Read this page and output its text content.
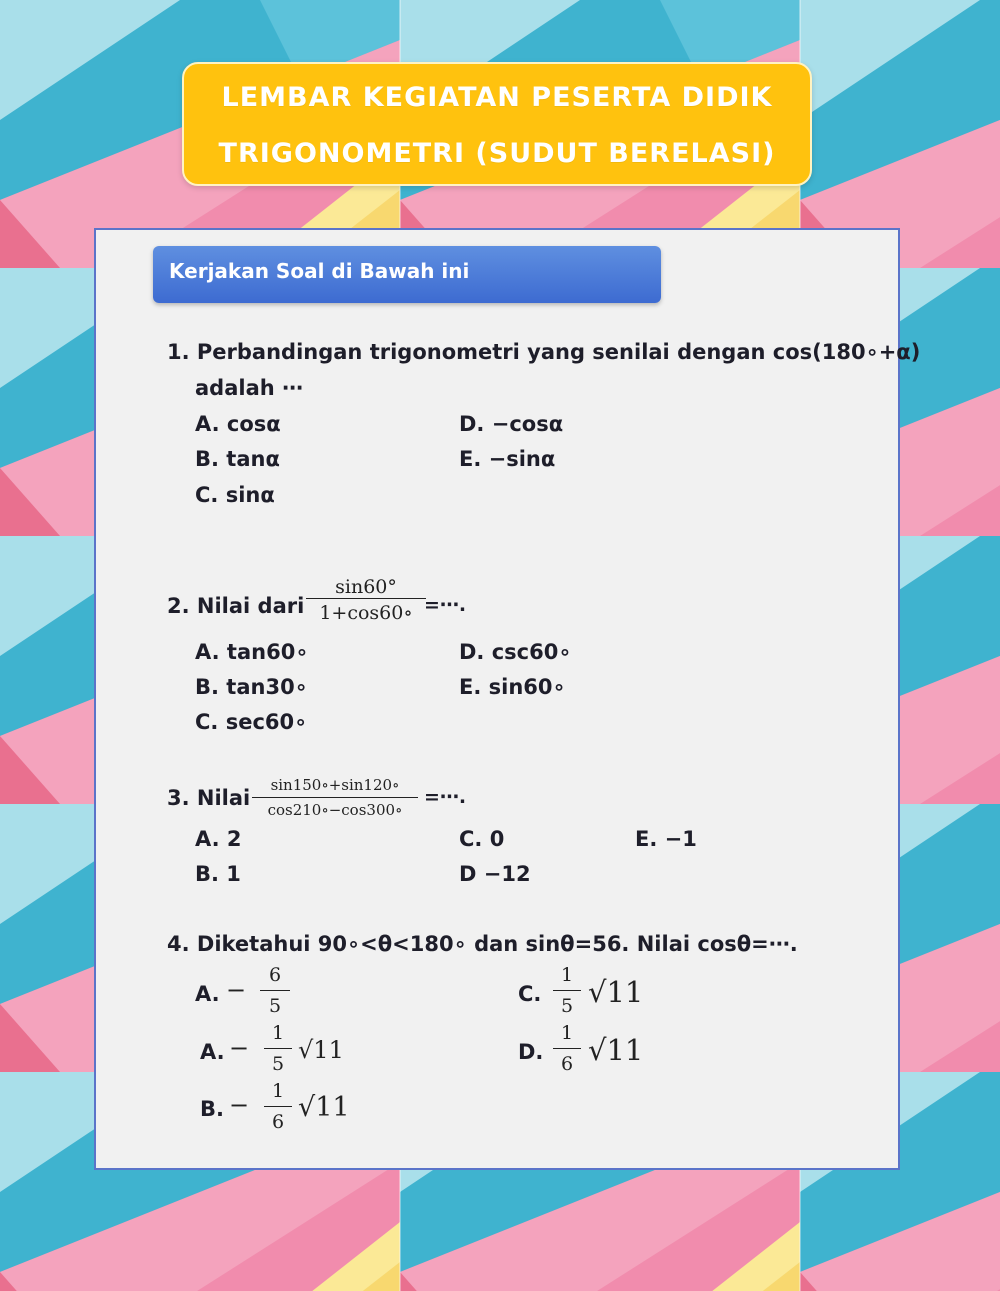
LEMBAR KEGIATAN PESERTA DIDIK
TRIGONOMETRI (SUDUT BERELASI)
Kerjakan Soal di Bawah ini
1. Perbandingan trigonometri yang senilai dengan cos(180∘+α)
adalah ⋯
A. cosα
B. tanα
C. sinα
D. −cosα
E. −sinα
2. Nilai dari
sin60°
1+cos60∘ =⋯.
A. tan60∘
B. tan30∘
C. sec60∘
D. csc60∘
E. sin60∘
3. Nilai
sin150∘+sin120∘
cos210∘−cos300∘
=⋯.
A. 2
B. 1
C. 0
D −12
E. −1
4. Diketahui 90∘<θ<180∘ dan sinθ=56. Nilai cosθ=⋯.
A. −
6
5
A. −
1
5 √11
B. −	1
6 √11
C.
1
5 √11
D.
1
6 √11
